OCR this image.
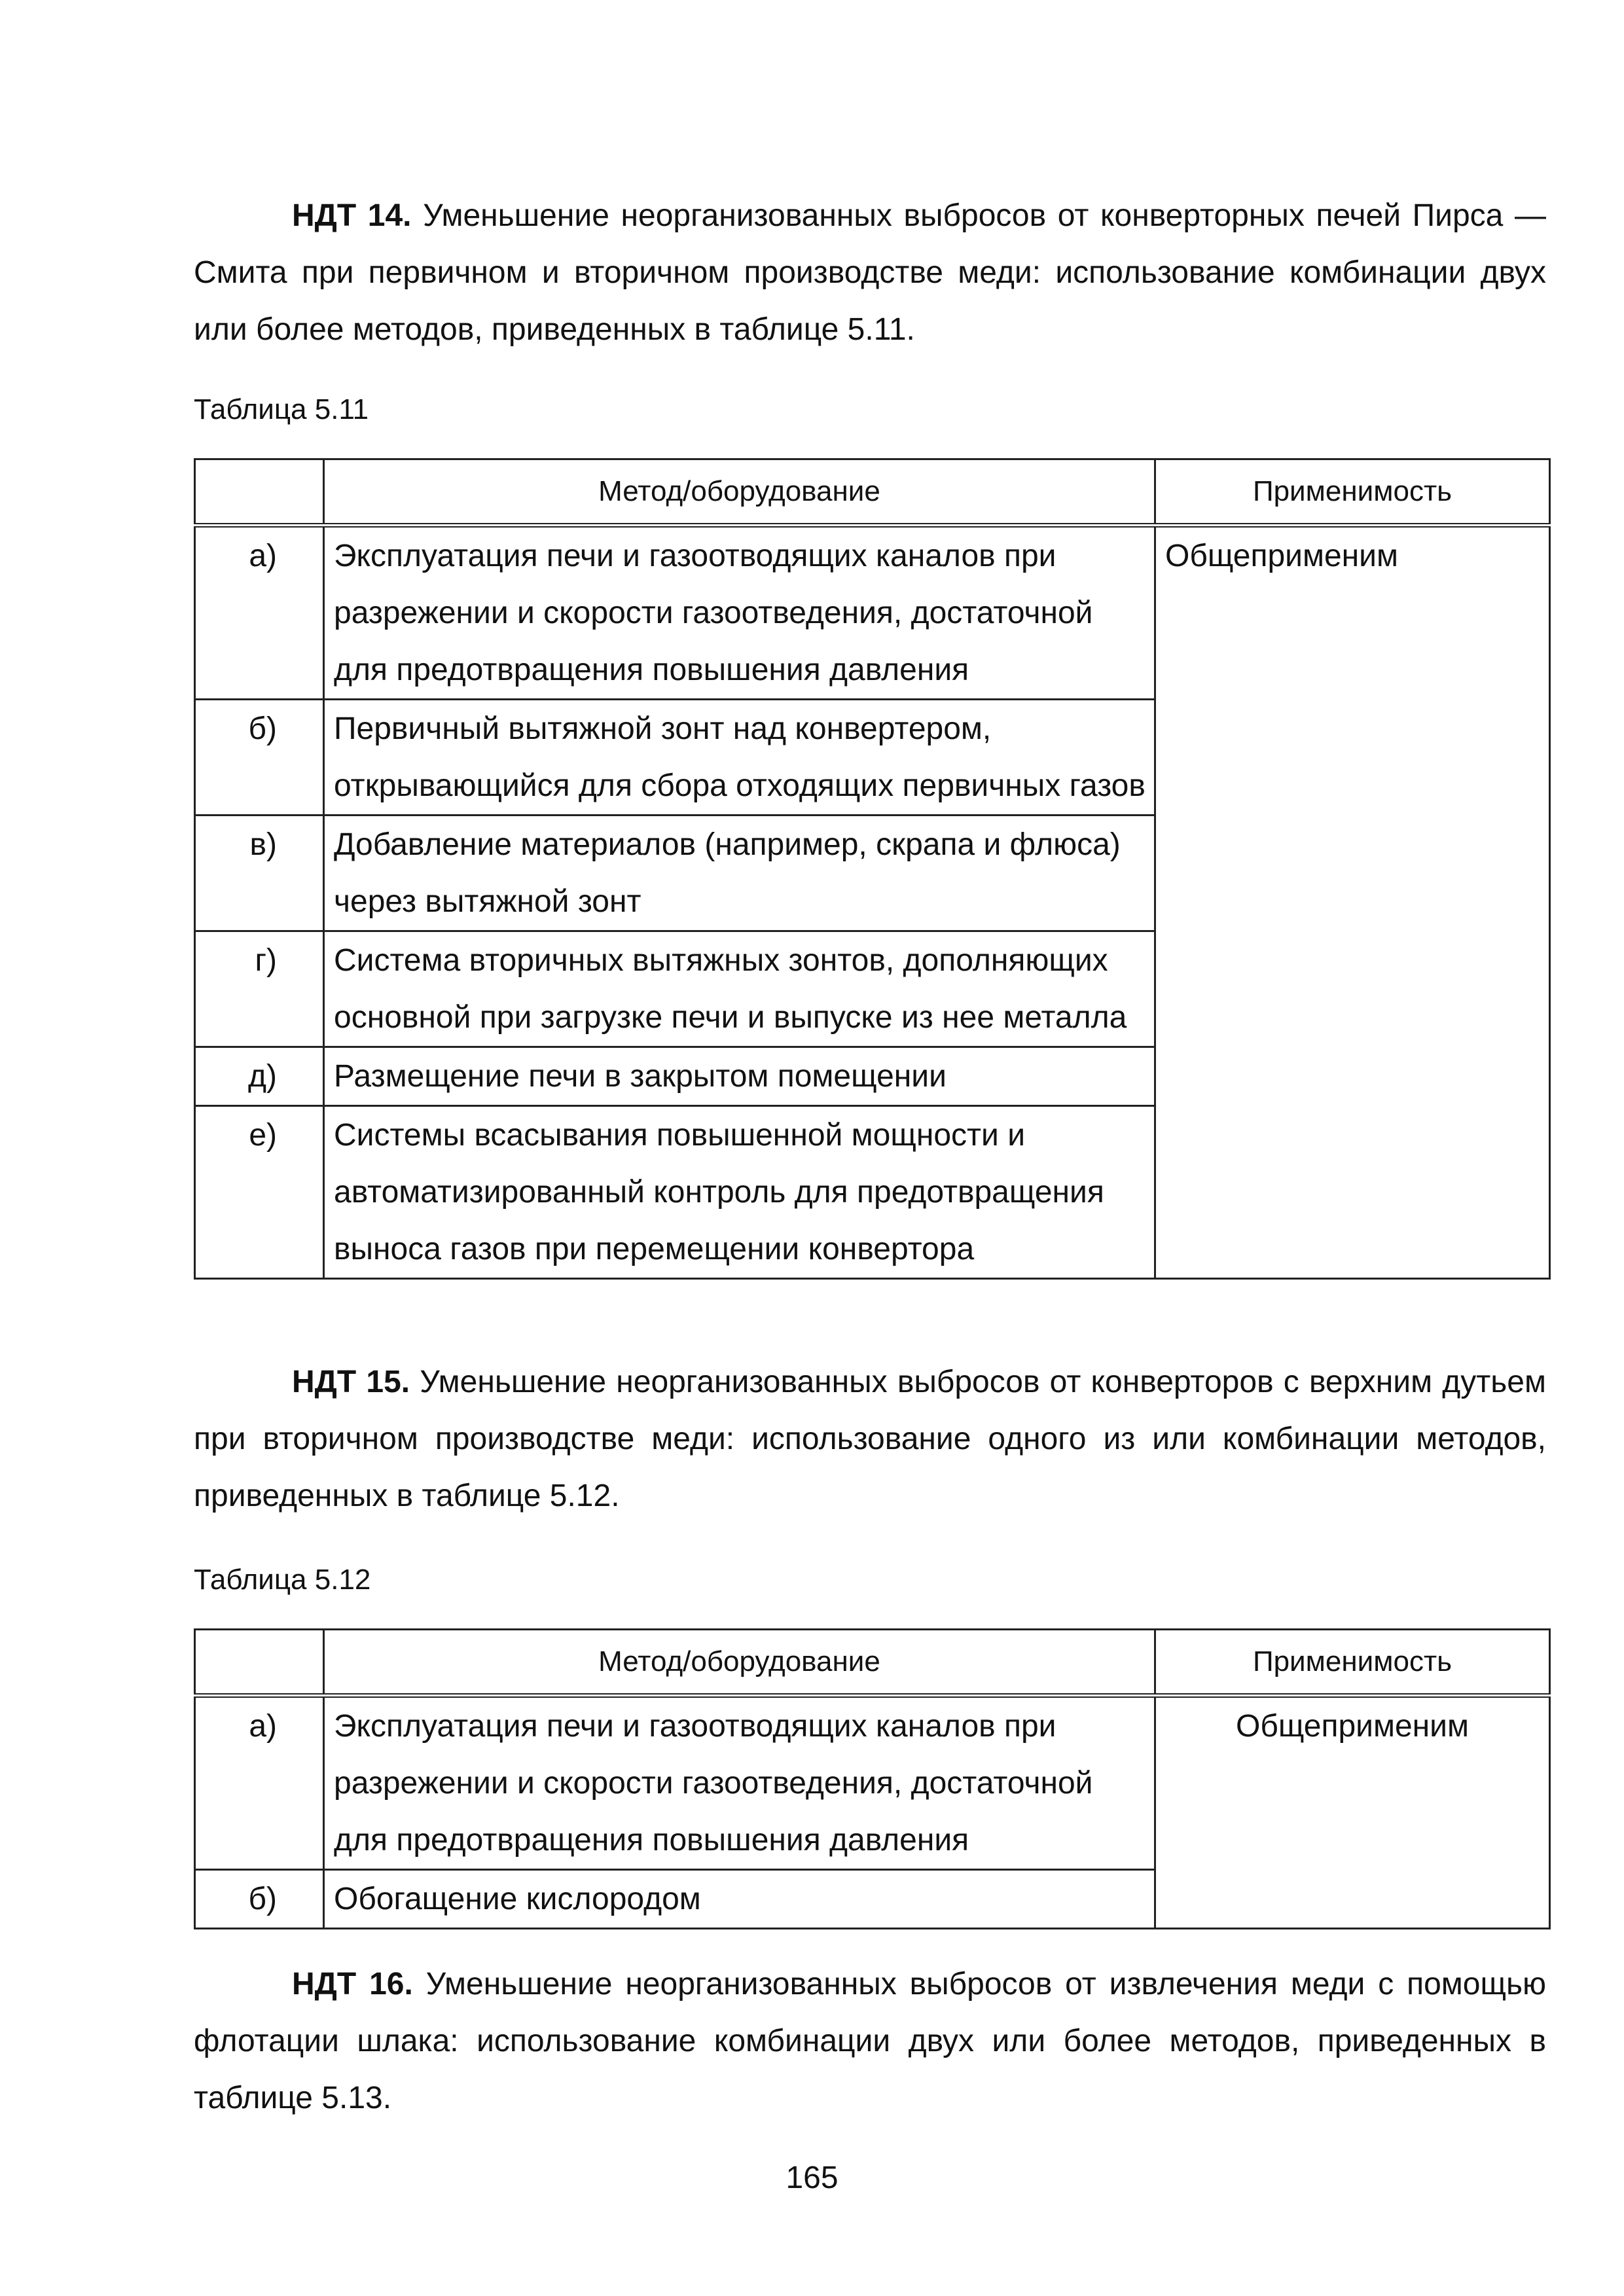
НДТ 14. Уменьшение неорганизованных выбросов от конверторных печей Пирса — Смита при первичном и вторичном производстве меди: использование комбинации двух или более методов, приведенных в таблице 5.11.

Таблица 5.11

	Метод/оборудование	Применимость
а)	Эксплуатация печи и газоотводящих каналов при разрежении и скорости газоотведения, достаточной для предотвращения повышения давления	Общеприменим
б)	Первичный вытяжной зонт над конвертером, открывающийся для сбора отходящих первичных газов	
в)	Добавление материалов (например, скрапа и флюса) через вытяжной зонт	
г)	Система вторичных вытяжных зонтов, дополняющих основной при загрузке печи и выпуске из нее металла	
д)	Размещение печи в закрытом помещении	
е)	Системы всасывания повышенной мощности и автоматизированный контроль для предотвращения выноса газов при перемещении конвертора	

НДТ 15. Уменьшение неорганизованных выбросов от конверторов с верхним дутьем при вторичном производстве меди: использование одного из или комбинации методов, приведенных в таблице 5.12.

Таблица 5.12

	Метод/оборудование	Применимость
а)	Эксплуатация печи и газоотводящих каналов при разрежении и скорости газоотведения, достаточной для предотвращения повышения давления	Общеприменим
б)	Обогащение кислородом	

НДТ 16. Уменьшение неорганизованных выбросов от извлечения меди с помощью флотации шлака: использование комбинации двух или более методов, приведенных в таблице 5.13.

165
